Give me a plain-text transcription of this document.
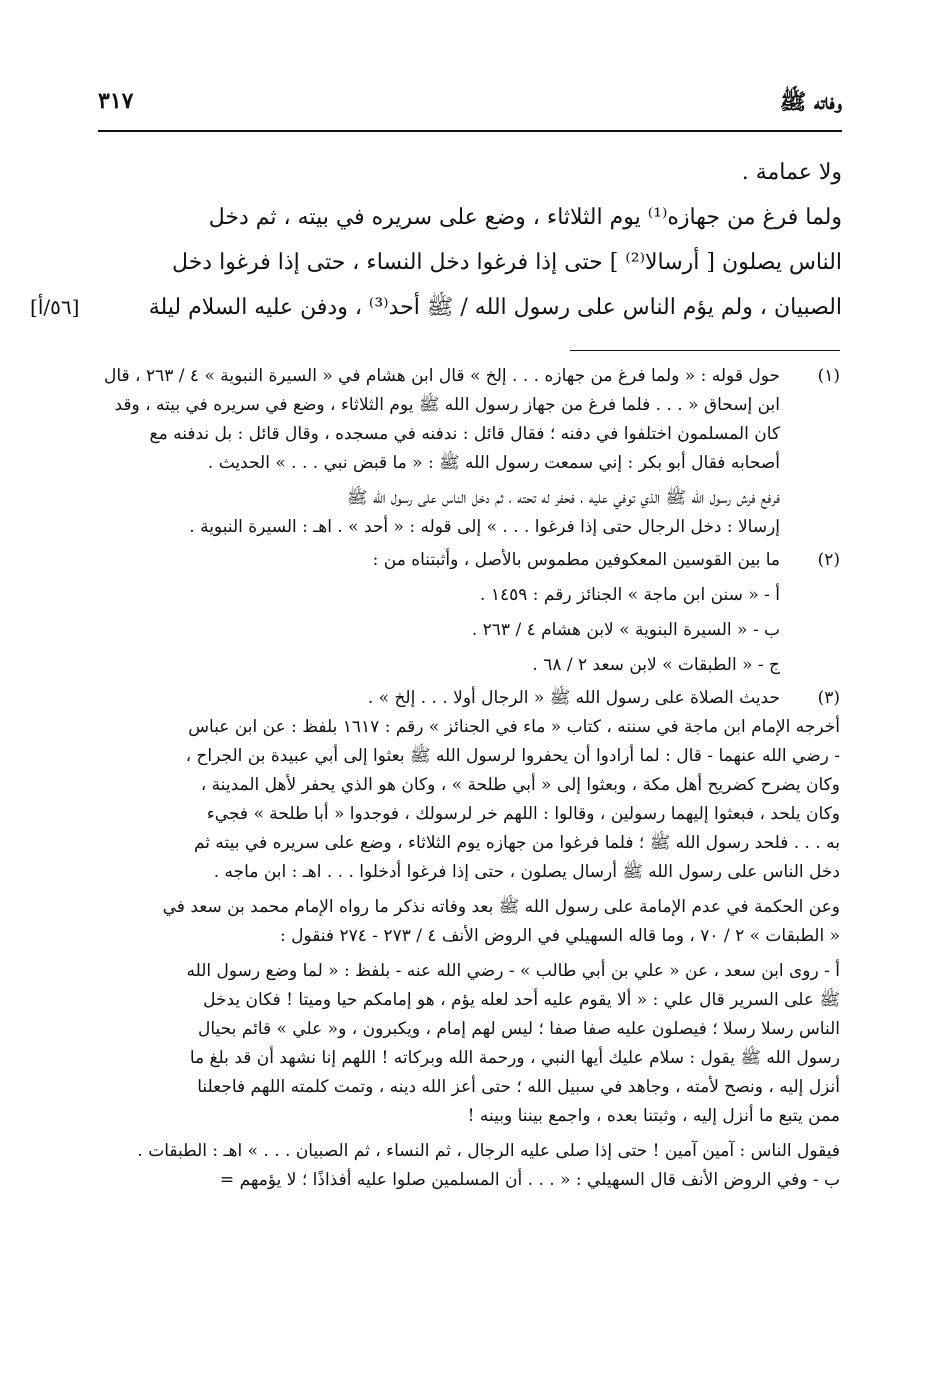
وفاته ﷺ
٣١٧
ولا عمامة .
ولما فرغ من جهازه⁽¹⁾ يوم الثلاثاء ، وضع على سريره في بيته ، ثم دخل
الناس يصلون [ أرسالا⁽²⁾ ] حتى إذا فرغوا دخل النساء ، حتى إذا فرغوا دخل
الصبيان ، ولم يؤم الناس على رسول الله / ﷺ أحد⁽³⁾ ، ودفن عليه السلام ليلة
[٥٦/أ]
(١)
حول قوله : « ولما فرغ من جهازه . . . إلخ » قال ابن هشام في « السيرة النبوية » ٤ / ٢٦٣ ، قال
ابن إسحاق « . . . فلما فرغ من جهاز رسول الله ﷺ يوم الثلاثاء ، وضع في سريره في بيته ، وقد
كان المسلمون اختلفوا في دفنه ؛ فقال قائل : ندفنه في مسجده ، وقال قائل : بل ندفنه مع
أصحابه فقال أبو بكر : إني سمعت رسول الله ﷺ : « ما قبض نبي . . . » الحديث .
فرفع فرش رسول الله ﷺ الذي توفي عليه ، فحفر له تحته ، ثم دخل الناس على رسول الله ﷺ
إرسالا : دخل الرجال حتى إذا فرغوا . . . » إلى قوله : « أحد » . اهـ : السيرة النبوية .
(٢)
ما بين القوسين المعكوفين مطموس بالأصل ، وأثبتناه من :
أ - « سنن ابن ماجة » الجنائز رقم : ١٤٥٩ .
ب - « السيرة البنوية » لابن هشام ٤ / ٢٦٣ .
ج - « الطبقات » لابن سعد ٢ / ٦٨ .
(٣)
حديث الصلاة على رسول الله ﷺ « الرجال أولا . . . إلخ » .
أخرجه الإمام ابن ماجة في سننه ، كتاب « ماء في الجنائز » رقم : ١٦١٧ بلفظ : عن ابن عباس
- رضي الله عنهما - قال : لما أرادوا أن يحفروا لرسول الله ﷺ بعثوا إلى أبي عبيدة بن الجراح ،
وكان يضرح كضريح أهل مكة ، وبعثوا إلى « أبي طلحة » ، وكان هو الذي يحفر لأهل المدينة ،
وكان يلحد ، فبعثوا إليهما رسولين ، وقالوا : اللهم خر لرسولك ، فوجدوا « أبا طلحة » فجيء
به . . . فلحد رسول الله ﷺ ؛ فلما فرغوا من جهازه يوم الثلاثاء ، وضع على سريره في بيته ثم
دخل الناس على رسول الله ﷺ أرسال يصلون ، حتى إذا فرغوا أدخلوا . . . اهـ : ابن ماجه .
وعن الحكمة في عدم الإمامة على رسول الله ﷺ بعد وفاته نذكر ما رواه الإمام محمد بن سعد في
« الطبقات » ٢ / ٧٠ ، وما قاله السهيلي في الروض الأنف ٤ / ٢٧٣ - ٢٧٤ فنقول :
أ - روى ابن سعد ، عن « علي بن أبي طالب » - رضي الله عنه - بلفظ : « لما وضع رسول الله
ﷺ على السرير قال علي : « ألا يقوم عليه أحد لعله يؤم ، هو إمامكم حيا وميتا ! فكان يدخل
الناس رسلا رسلا ؛ فيصلون عليه صفا صفا ؛ ليس لهم إمام ، ويكبرون ، و« علي » قائم بحيال
رسول الله ﷺ يقول : سلام عليك أيها النبي ، ورحمة الله وبركاته ! اللهم إنا نشهد أن قد بلغ ما
أنزل إليه ، ونصح لأمته ، وجاهد في سبيل الله ؛ حتى أعز الله دينه ، وتمت كلمته اللهم فاجعلنا
ممن يتبع ما أنزل إليه ، وثبتنا بعده ، واجمع بيننا وبينه !
فيقول الناس : آمين آمين ! حتى إذا صلى عليه الرجال ، ثم النساء ، ثم الصبيان . . . » اهـ : الطبقات .
ب - وفي الروض الأنف قال السهيلي : « . . . أن المسلمين صلوا عليه أفذاذًا ؛ لا يؤمهم =
